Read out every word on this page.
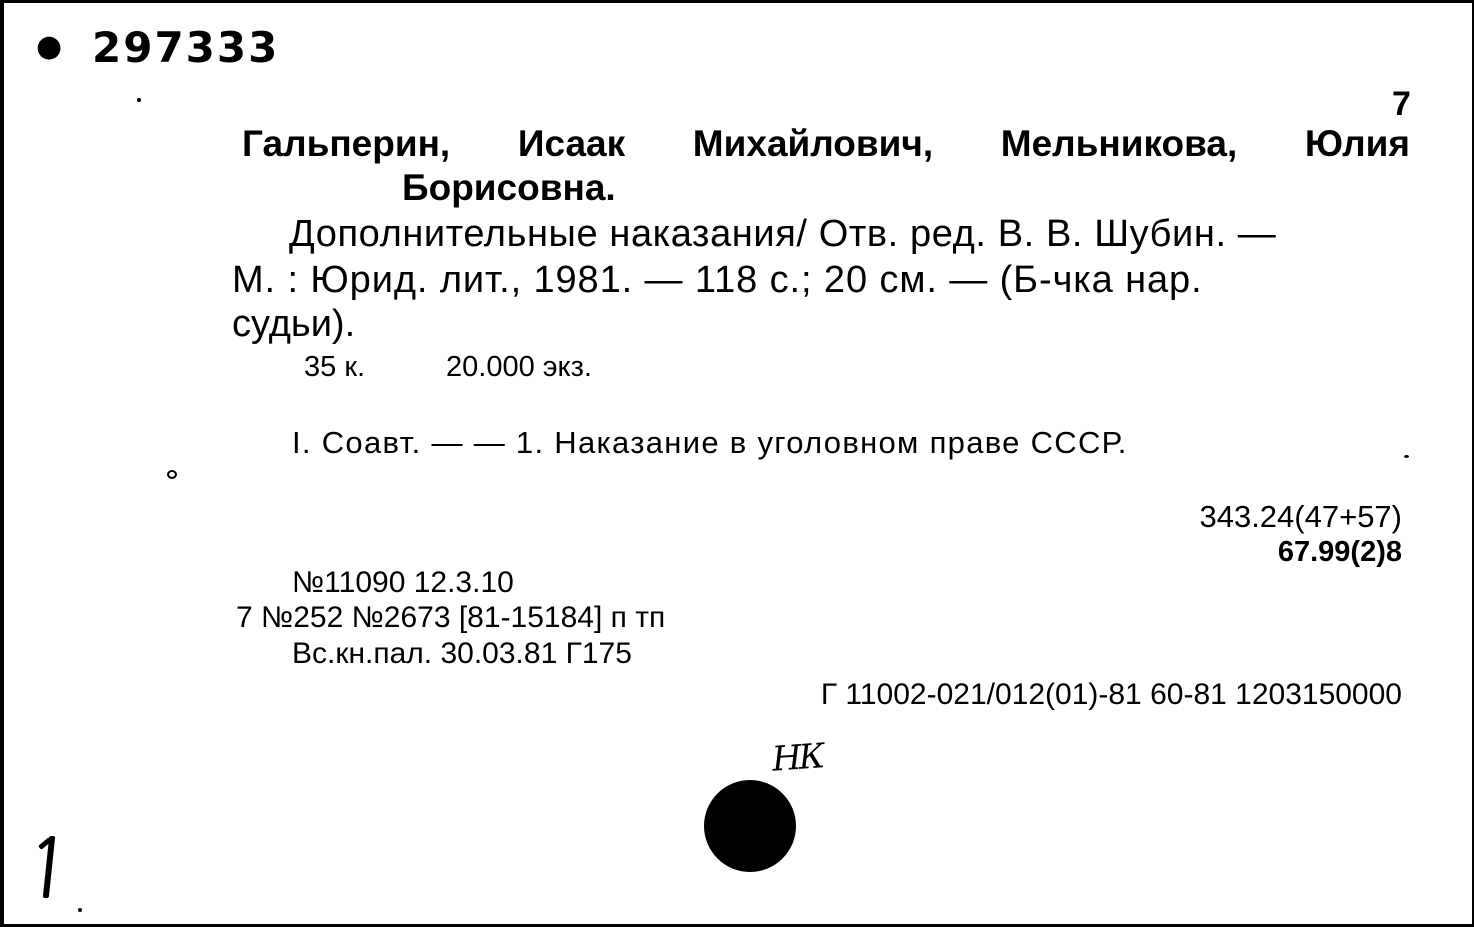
● 297333
7
Гальперин, Исаак Михайлович, Мельникова, Юлия
Борисовна.
Дополнительные наказания/ Отв. ред. В. В. Шубин. —
М. : Юрид. лит., 1981. — 118 с.; 20 см. — (Б-чка нар.
судьи).
35 к.	20.000 экз.
I. Соавт. — — 1. Наказание в уголовном праве СССР.
343.24(47+57)
67.99(2)8
№11090 12.3.10
7 №252 №2673 [81-15184] п тп
Вс.кн.пал. 30.03.81 Г175
Г 11002-021/012(01)-81 60-81 1203150000
НК
